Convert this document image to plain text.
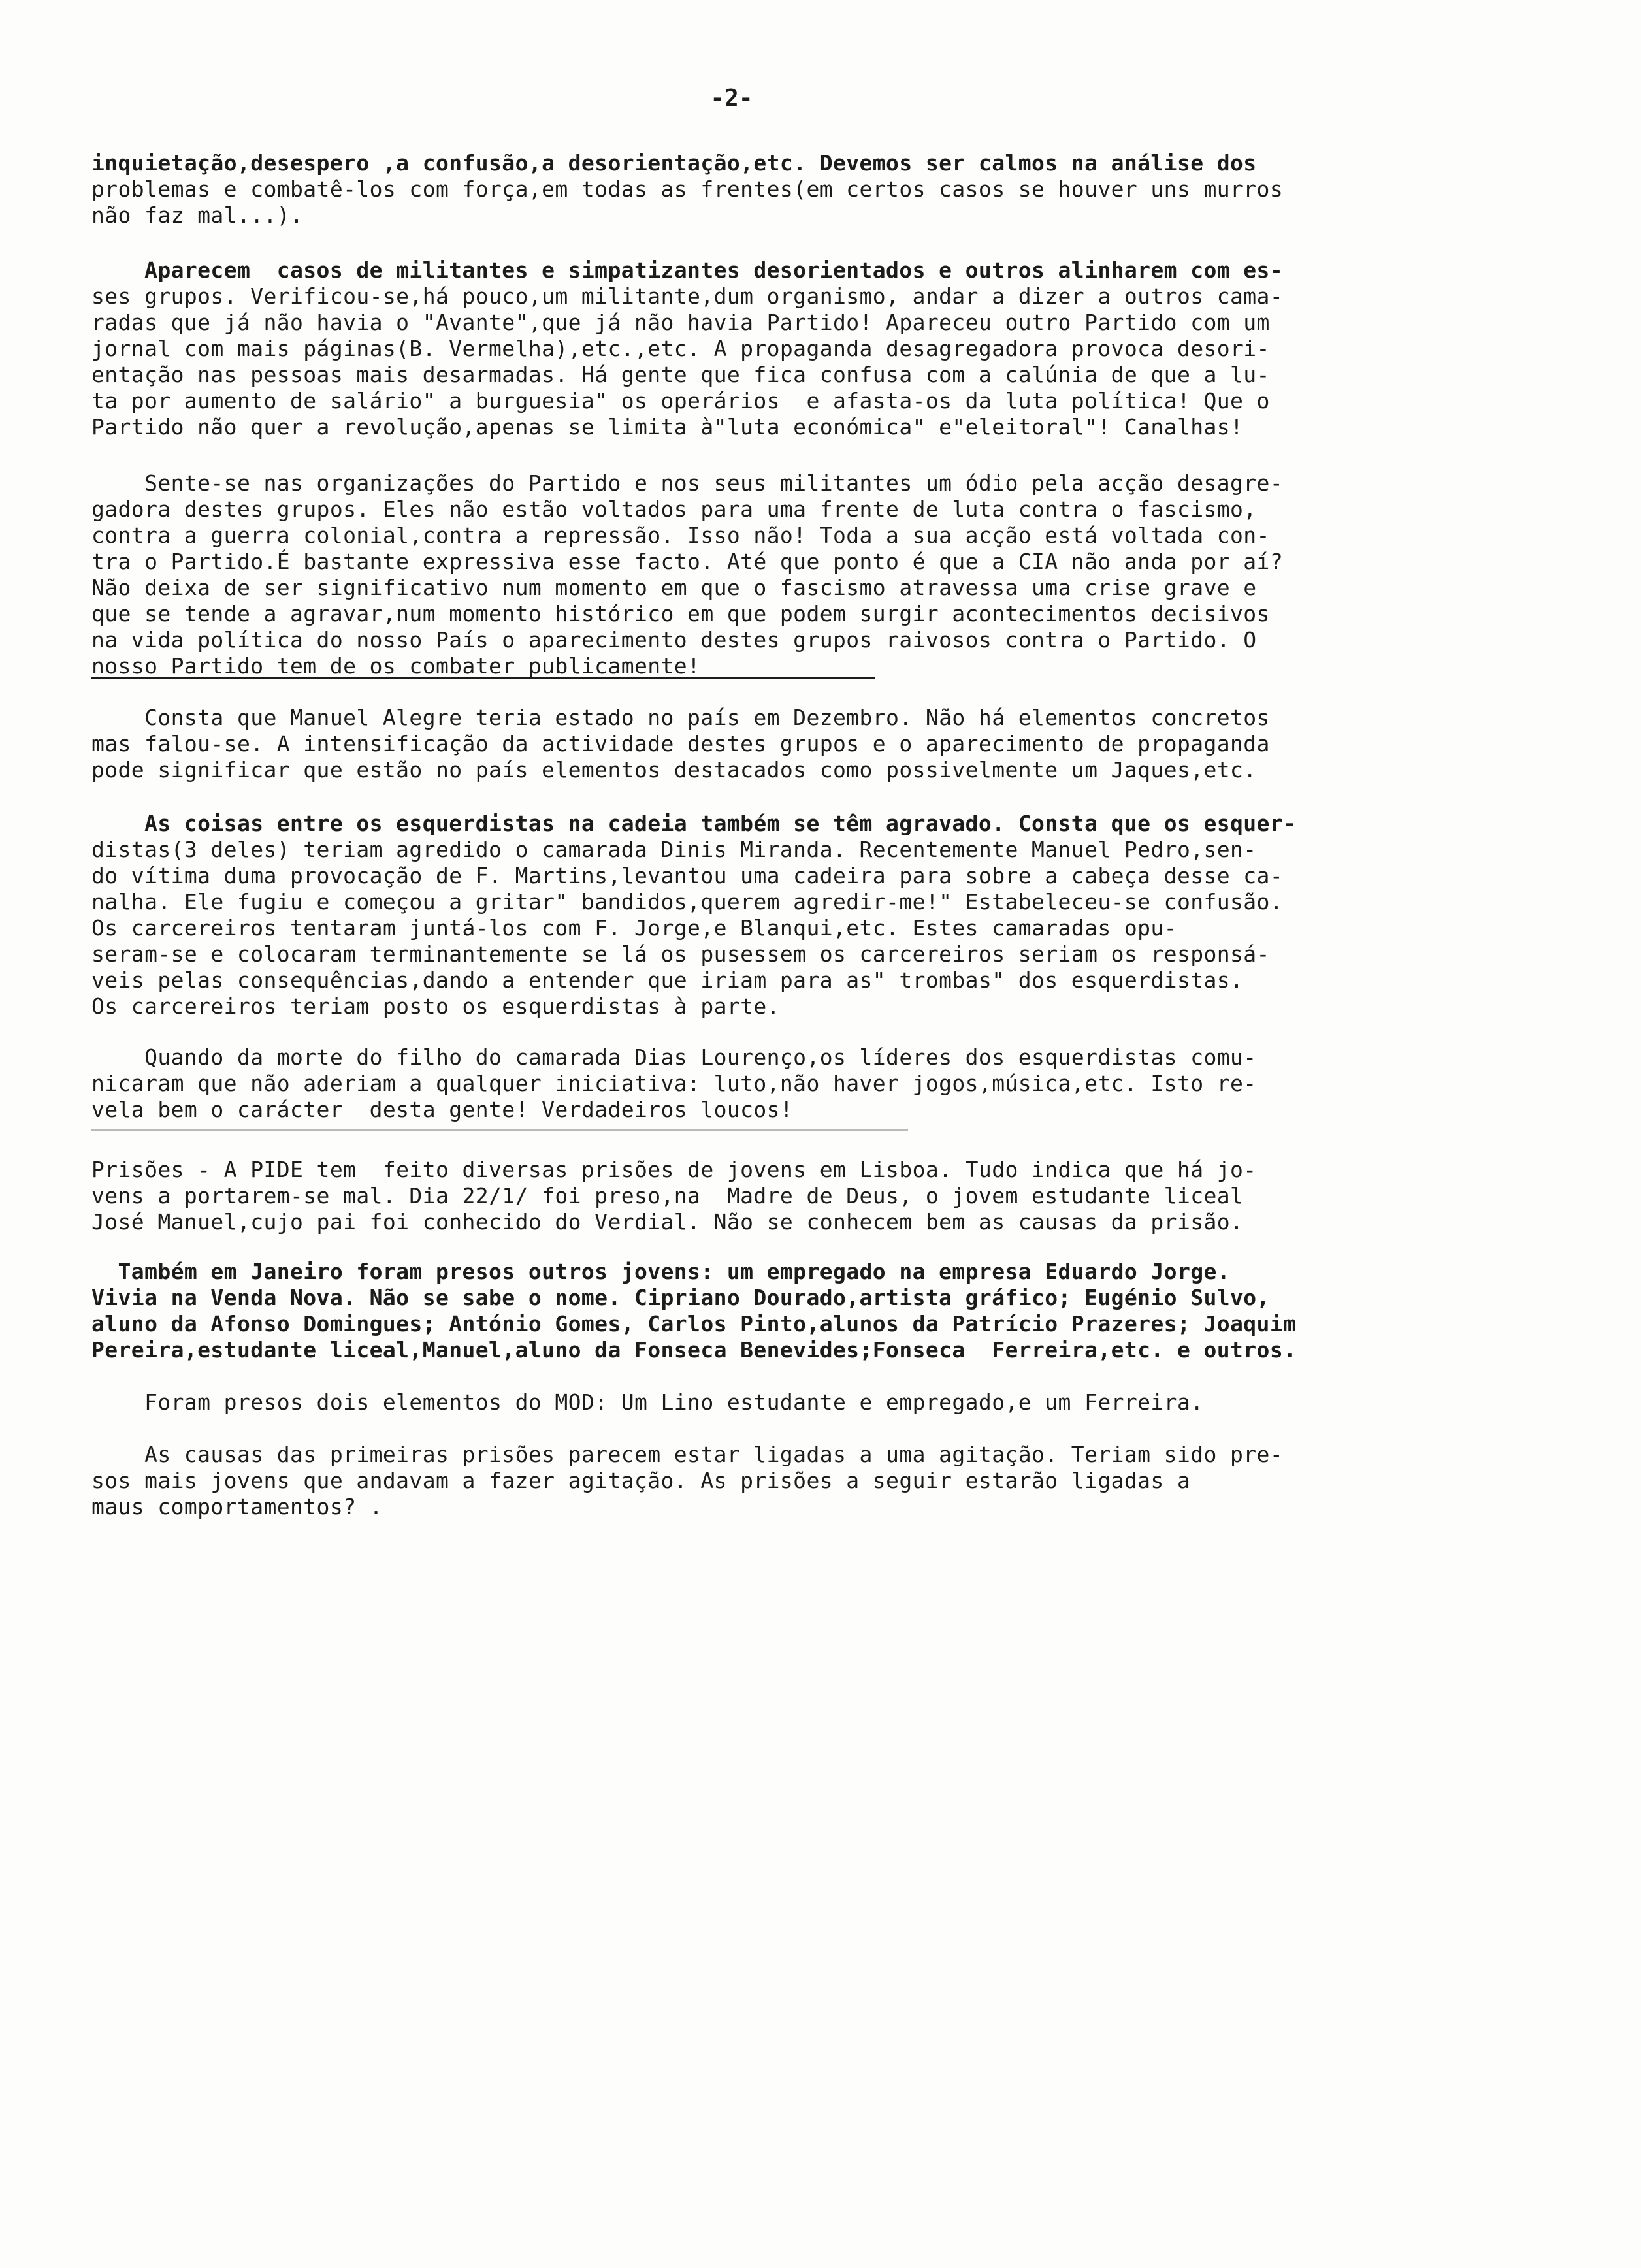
-2-
inquietação,desespero ,a confusão,a desorientação,etc. Devemos ser calmos na análise dos
problemas e combatê-los com força,em todas as frentes(em certos casos se houver uns murros
não faz mal...).
Aparecem  casos de militantes e simpatizantes desorientados e outros alinharem com es-
ses grupos. Verificou-se,há pouco,um militante,dum organismo, andar a dizer a outros cama-
radas que já não havia o "Avante",que já não havia Partido! Apareceu outro Partido com um
jornal com mais páginas(B. Vermelha),etc.,etc. A propaganda desagregadora provoca desori-
entação nas pessoas mais desarmadas. Há gente que fica confusa com a calúnia de que a lu-
ta por aumento de salário" a burguesia" os operários  e afasta-os da luta política! Que o
Partido não quer a revolução,apenas se limita à"luta económica" e"eleitoral"! Canalhas!
Sente-se nas organizações do Partido e nos seus militantes um ódio pela acção desagre-
gadora destes grupos. Eles não estão voltados para uma frente de luta contra o fascismo,
contra a guerra colonial,contra a repressão. Isso não! Toda a sua acção está voltada con-
tra o Partido.É bastante expressiva esse facto. Até que ponto é que a CIA não anda por aí?
Não deixa de ser significativo num momento em que o fascismo atravessa uma crise grave e
que se tende a agravar,num momento histórico em que podem surgir acontecimentos decisivos
na vida política do nosso País o aparecimento destes grupos raivosos contra o Partido. O
nosso Partido tem de os combater publicamente!
Consta que Manuel Alegre teria estado no país em Dezembro. Não há elementos concretos
mas falou-se. A intensificação da actividade destes grupos e o aparecimento de propaganda
pode significar que estão no país elementos destacados como possivelmente um Jaques,etc.
As coisas entre os esquerdistas na cadeia também se têm agravado. Consta que os esquer-
distas(3 deles) teriam agredido o camarada Dinis Miranda. Recentemente Manuel Pedro,sen-
do vítima duma provocação de F. Martins,levantou uma cadeira para sobre a cabeça desse ca-
nalha. Ele fugiu e começou a gritar" bandidos,querem agredir-me!" Estabeleceu-se confusão.
Os carcereiros tentaram juntá-los com F. Jorge,e Blanqui,etc. Estes camaradas opu-
seram-se e colocaram terminantemente se lá os pusessem os carcereiros seriam os responsá-
veis pelas consequências,dando a entender que iriam para as" trombas" dos esquerdistas.
Os carcereiros teriam posto os esquerdistas à parte.
Quando da morte do filho do camarada Dias Lourenço,os líderes dos esquerdistas comu-
nicaram que não aderiam a qualquer iniciativa: luto,não haver jogos,música,etc. Isto re-
vela bem o carácter  desta gente! Verdadeiros loucos!
Prisões - A PIDE tem  feito diversas prisões de jovens em Lisboa. Tudo indica que há jo-
vens a portarem-se mal. Dia 22/1/ foi preso,na  Madre de Deus, o jovem estudante liceal
José Manuel,cujo pai foi conhecido do Verdial. Não se conhecem bem as causas da prisão.
Também em Janeiro foram presos outros jovens: um empregado na empresa Eduardo Jorge.
Vivia na Venda Nova. Não se sabe o nome. Cipriano Dourado,artista gráfico; Eugénio Sulvo,
aluno da Afonso Domingues; António Gomes, Carlos Pinto,alunos da Patrício Prazeres; Joaquim
Pereira,estudante liceal,Manuel,aluno da Fonseca Benevides;Fonseca  Ferreira,etc. e outros.
Foram presos dois elementos do MOD: Um Lino estudante e empregado,e um Ferreira.
As causas das primeiras prisões parecem estar ligadas a uma agitação. Teriam sido pre-
sos mais jovens que andavam a fazer agitação. As prisões a seguir estarão ligadas a
maus comportamentos? .
